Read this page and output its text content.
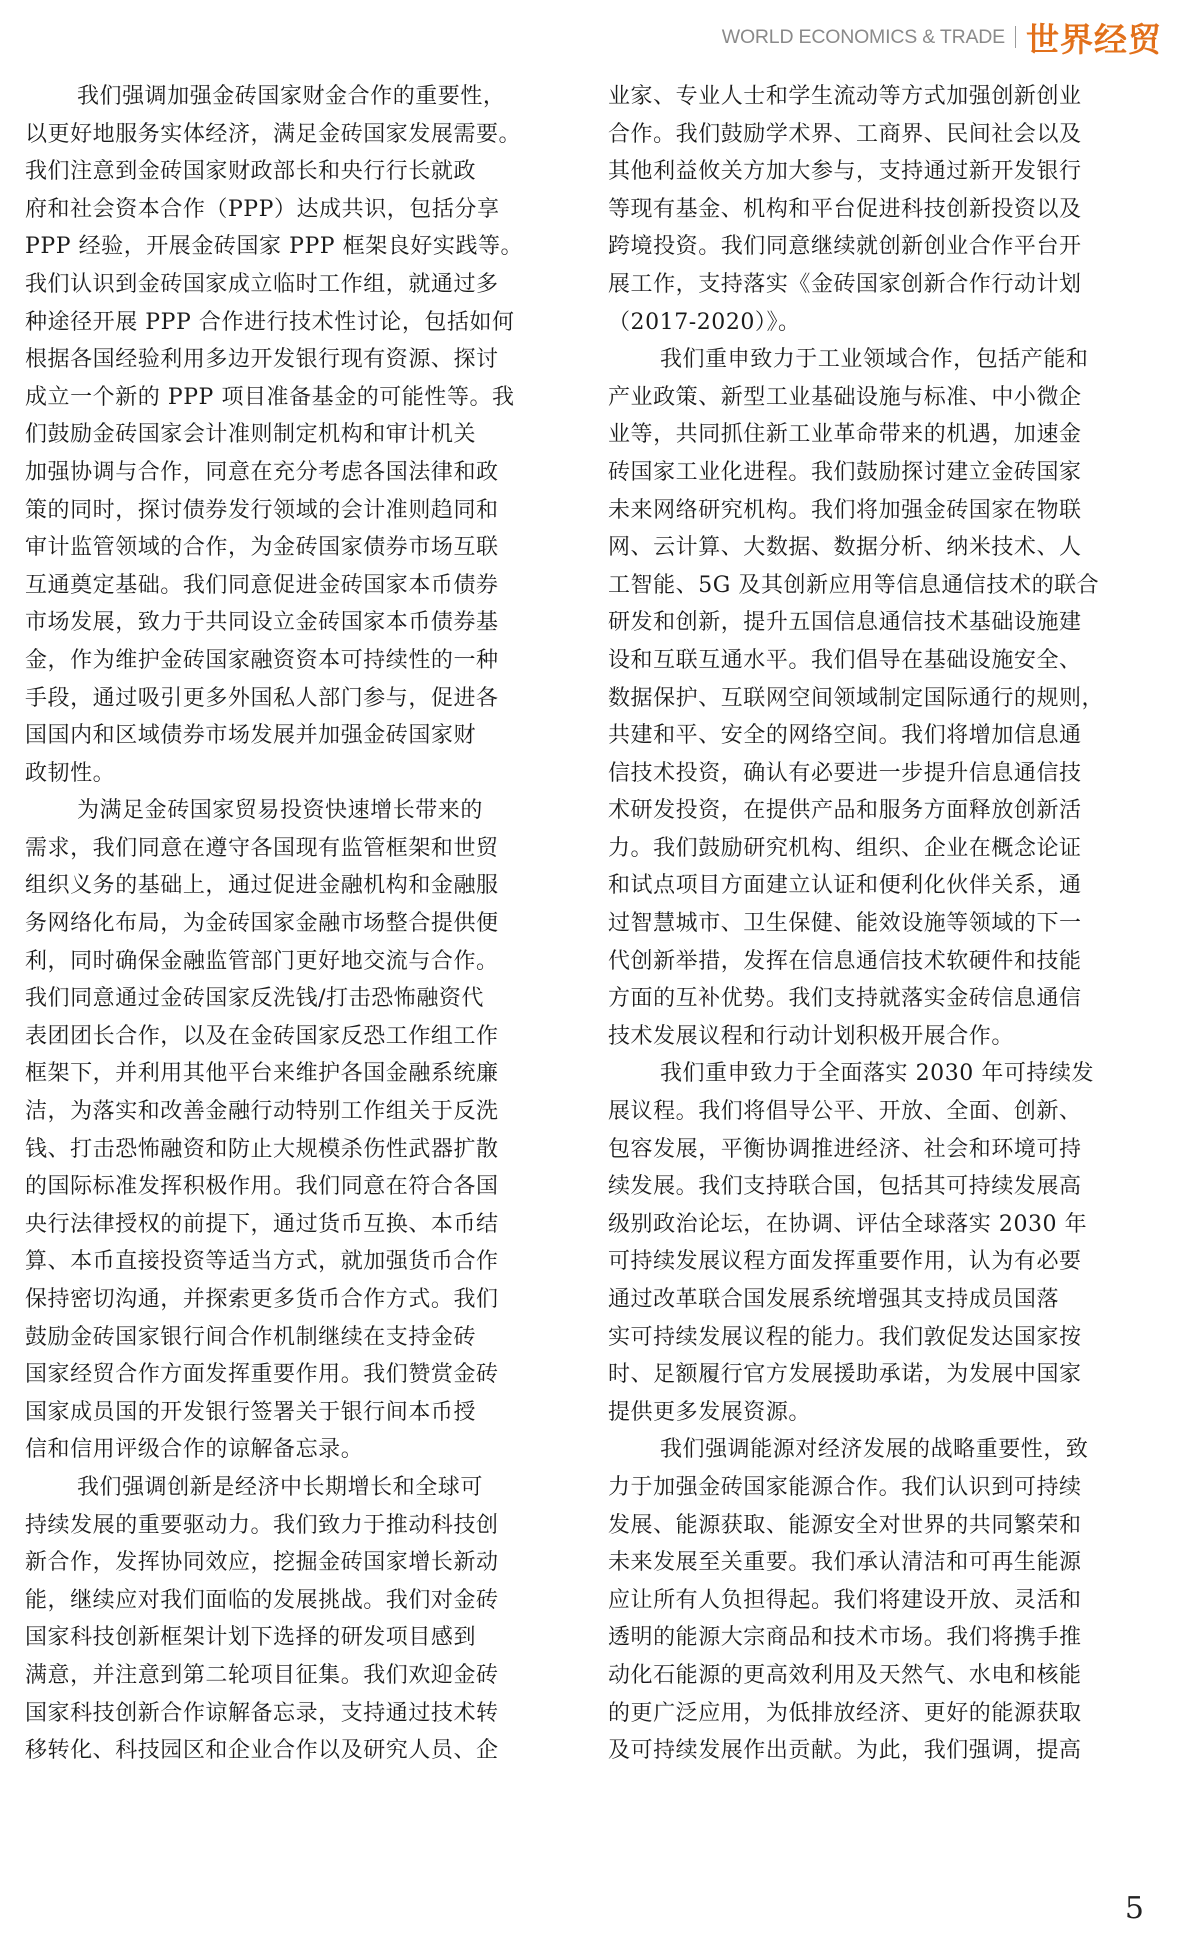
WORLD ECONOMICS & TRADE 世界经贸
我们强调加强金砖国家财金合作的重要性，
以更好地服务实体经济，满足金砖国家发展需要。
我们注意到金砖国家财政部长和央行行长就政
府和社会资本合作（PPP）达成共识，包括分享
PPP 经验，开展金砖国家 PPP 框架良好实践等。
我们认识到金砖国家成立临时工作组，就通过多
种途径开展 PPP 合作进行技术性讨论，包括如何
根据各国经验利用多边开发银行现有资源、探讨
成立一个新的 PPP 项目准备基金的可能性等。我
们鼓励金砖国家会计准则制定机构和审计机关
加强协调与合作，同意在充分考虑各国法律和政
策的同时，探讨债券发行领域的会计准则趋同和
审计监管领域的合作，为金砖国家债券市场互联
互通奠定基础。我们同意促进金砖国家本币债券
市场发展，致力于共同设立金砖国家本币债券基
金，作为维护金砖国家融资资本可持续性的一种
手段，通过吸引更多外国私人部门参与，促进各
国国内和区域债券市场发展并加强金砖国家财
政韧性。
为满足金砖国家贸易投资快速增长带来的
需求，我们同意在遵守各国现有监管框架和世贸
组织义务的基础上，通过促进金融机构和金融服
务网络化布局，为金砖国家金融市场整合提供便
利，同时确保金融监管部门更好地交流与合作。
我们同意通过金砖国家反洗钱/打击恐怖融资代
表团团长合作，以及在金砖国家反恐工作组工作
框架下，并利用其他平台来维护各国金融系统廉
洁，为落实和改善金融行动特别工作组关于反洗
钱、打击恐怖融资和防止大规模杀伤性武器扩散
的国际标准发挥积极作用。我们同意在符合各国
央行法律授权的前提下，通过货币互换、本币结
算、本币直接投资等适当方式，就加强货币合作
保持密切沟通，并探索更多货币合作方式。我们
鼓励金砖国家银行间合作机制继续在支持金砖
国家经贸合作方面发挥重要作用。我们赞赏金砖
国家成员国的开发银行签署关于银行间本币授
信和信用评级合作的谅解备忘录。
我们强调创新是经济中长期增长和全球可
持续发展的重要驱动力。我们致力于推动科技创
新合作，发挥协同效应，挖掘金砖国家增长新动
能，继续应对我们面临的发展挑战。我们对金砖
国家科技创新框架计划下选择的研发项目感到
满意，并注意到第二轮项目征集。我们欢迎金砖
国家科技创新合作谅解备忘录，支持通过技术转
移转化、科技园区和企业合作以及研究人员、企
业家、专业人士和学生流动等方式加强创新创业
合作。我们鼓励学术界、工商界、民间社会以及
其他利益攸关方加大参与，支持通过新开发银行
等现有基金、机构和平台促进科技创新投资以及
跨境投资。我们同意继续就创新创业合作平台开
展工作，支持落实《金砖国家创新合作行动计划
（2017-2020）》。
我们重申致力于工业领域合作，包括产能和
产业政策、新型工业基础设施与标准、中小微企
业等，共同抓住新工业革命带来的机遇，加速金
砖国家工业化进程。我们鼓励探讨建立金砖国家
未来网络研究机构。我们将加强金砖国家在物联
网、云计算、大数据、数据分析、纳米技术、人
工智能、5G 及其创新应用等信息通信技术的联合
研发和创新，提升五国信息通信技术基础设施建
设和互联互通水平。我们倡导在基础设施安全、
数据保护、互联网空间领域制定国际通行的规则，
共建和平、安全的网络空间。我们将增加信息通
信技术投资，确认有必要进一步提升信息通信技
术研发投资，在提供产品和服务方面释放创新活
力。我们鼓励研究机构、组织、企业在概念论证
和试点项目方面建立认证和便利化伙伴关系，通
过智慧城市、卫生保健、能效设施等领域的下一
代创新举措，发挥在信息通信技术软硬件和技能
方面的互补优势。我们支持就落实金砖信息通信
技术发展议程和行动计划积极开展合作。
我们重申致力于全面落实 2030 年可持续发
展议程。我们将倡导公平、开放、全面、创新、
包容发展，平衡协调推进经济、社会和环境可持
续发展。我们支持联合国，包括其可持续发展高
级别政治论坛，在协调、评估全球落实 2030 年
可持续发展议程方面发挥重要作用，认为有必要
通过改革联合国发展系统增强其支持成员国落
实可持续发展议程的能力。我们敦促发达国家按
时、足额履行官方发展援助承诺，为发展中国家
提供更多发展资源。
我们强调能源对经济发展的战略重要性，致
力于加强金砖国家能源合作。我们认识到可持续
发展、能源获取、能源安全对世界的共同繁荣和
未来发展至关重要。我们承认清洁和可再生能源
应让所有人负担得起。我们将建设开放、灵活和
透明的能源大宗商品和技术市场。我们将携手推
动化石能源的更高效利用及天然气、水电和核能
的更广泛应用，为低排放经济、更好的能源获取
及可持续发展作出贡献。为此，我们强调，提高
5
